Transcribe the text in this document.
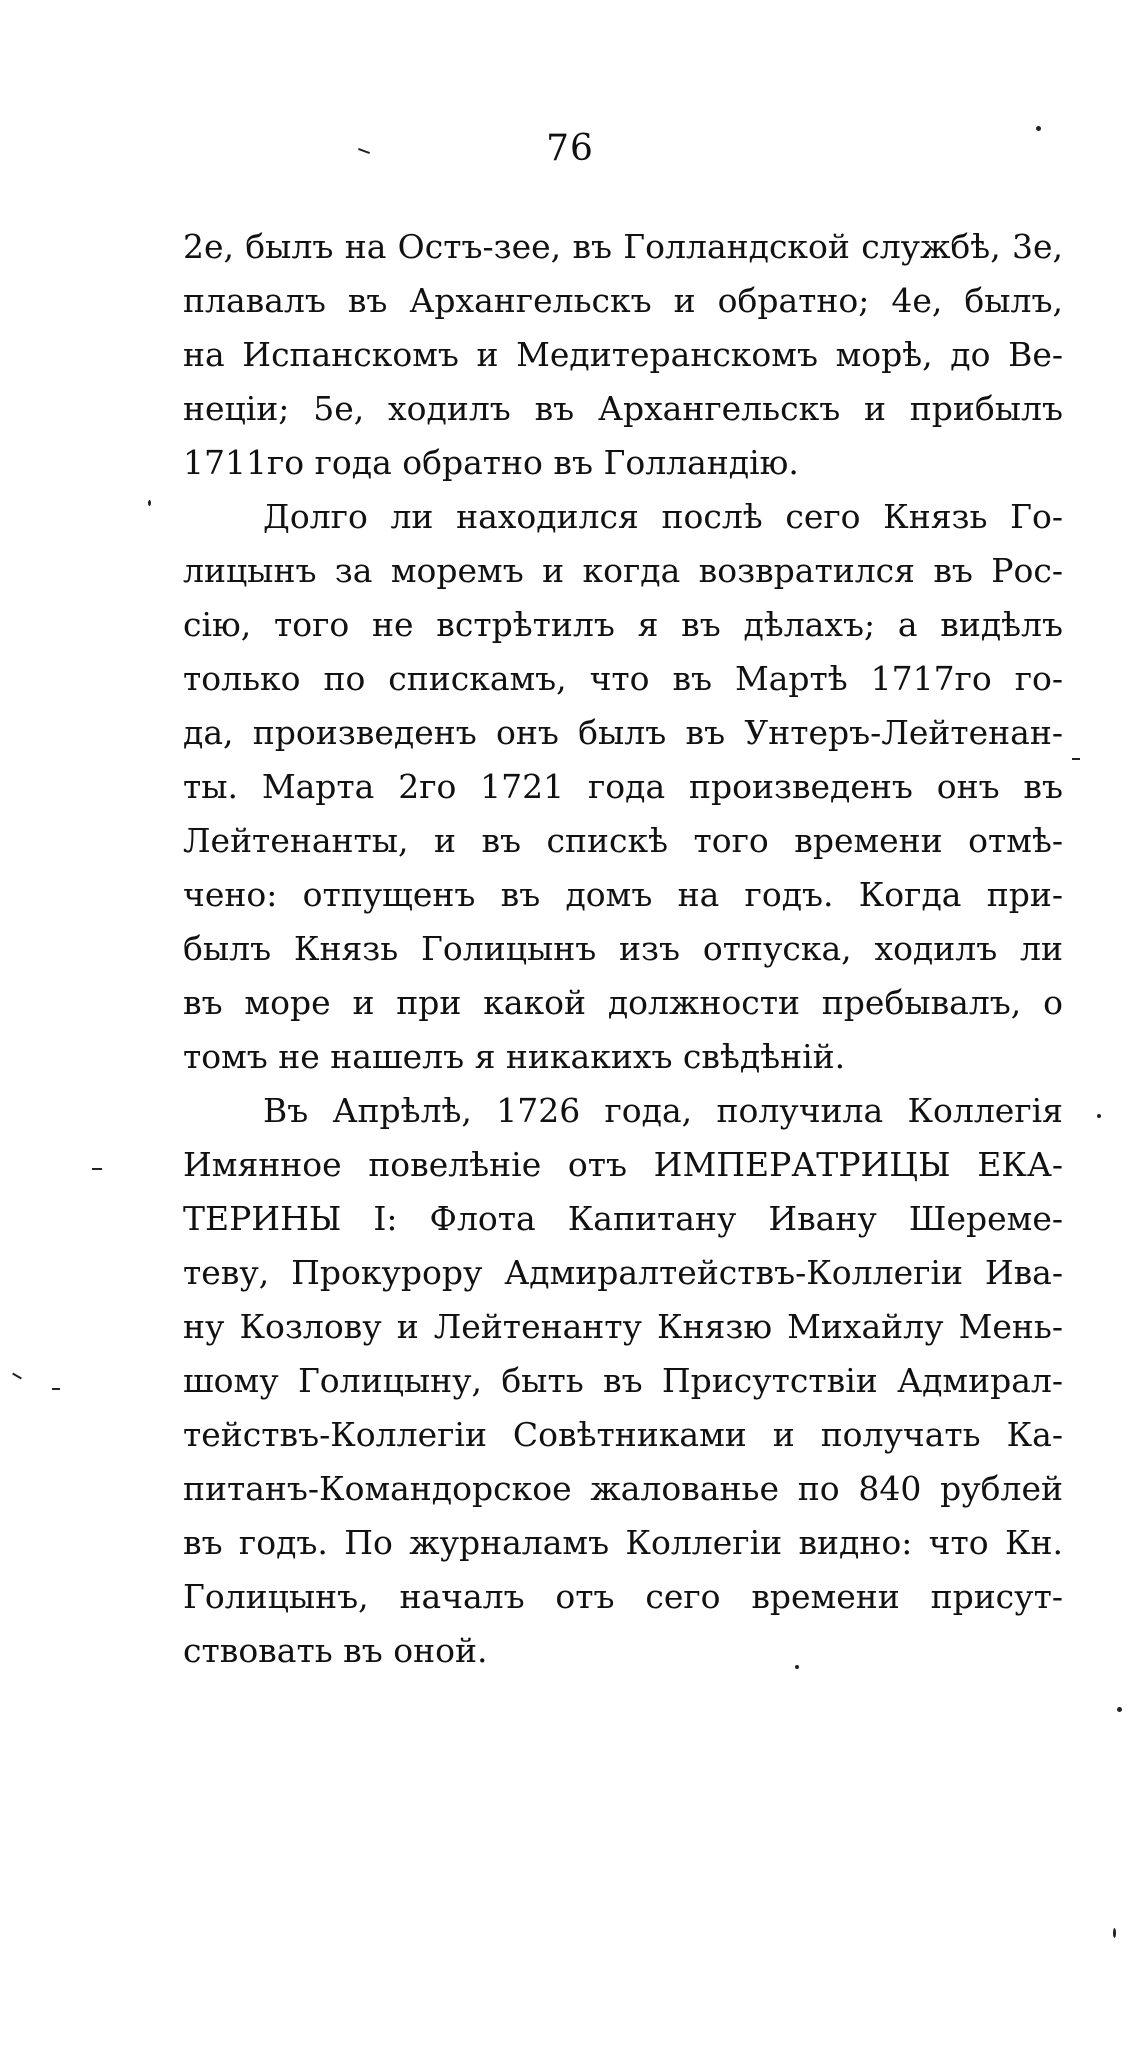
76
2е, былъ на Остъ-зее, въ Голландской службѣ, 3е,
плавалъ въ Архангельскъ и обратно; 4е, былъ,
на Испанскомъ и Медитеранскомъ морѣ, до Ве-
неціи; 5е, ходилъ въ Архангельскъ и прибылъ
1711го года обратно въ Голландію.
Долго ли находился послѣ сего Князь Го-
лицынъ за моремъ и когда возвратился въ Рос-
сію, того не встрѣтилъ я въ дѣлахъ; а видѣлъ
только по спискамъ, что въ Мартѣ 1717го го-
да, произведенъ онъ былъ въ Унтеръ-Лейтенан-
ты. Марта 2го 1721 года произведенъ онъ въ
Лейтенанты, и въ спискѣ того времени отмѣ-
чено: отпущенъ въ домъ на годъ. Когда при-
былъ Князь Голицынъ изъ отпуска, ходилъ ли
въ море и при какой должности пребывалъ, о
томъ не нашелъ я никакихъ свѣдѣній.
Въ Апрѣлѣ, 1726 года, получила Коллегія
Имянное повелѣніе отъ ИМПЕРАТРИЦЫ ЕКА-
ТЕРИНЫ I: Флота Капитану Ивану Шереме-
теву, Прокурору Адмиралтействъ-Коллегіи Ива-
ну Козлову и Лейтенанту Князю Михайлу Мень-
шому Голицыну, быть въ Присутствіи Адмирал-
тействъ-Коллегіи Совѣтниками и получать Ка-
питанъ-Командорское жалованье по 840 рублей
въ годъ. По журналамъ Коллегіи видно: что Кн.
Голицынъ, началъ отъ сего времени присут-
ствовать въ оной.
